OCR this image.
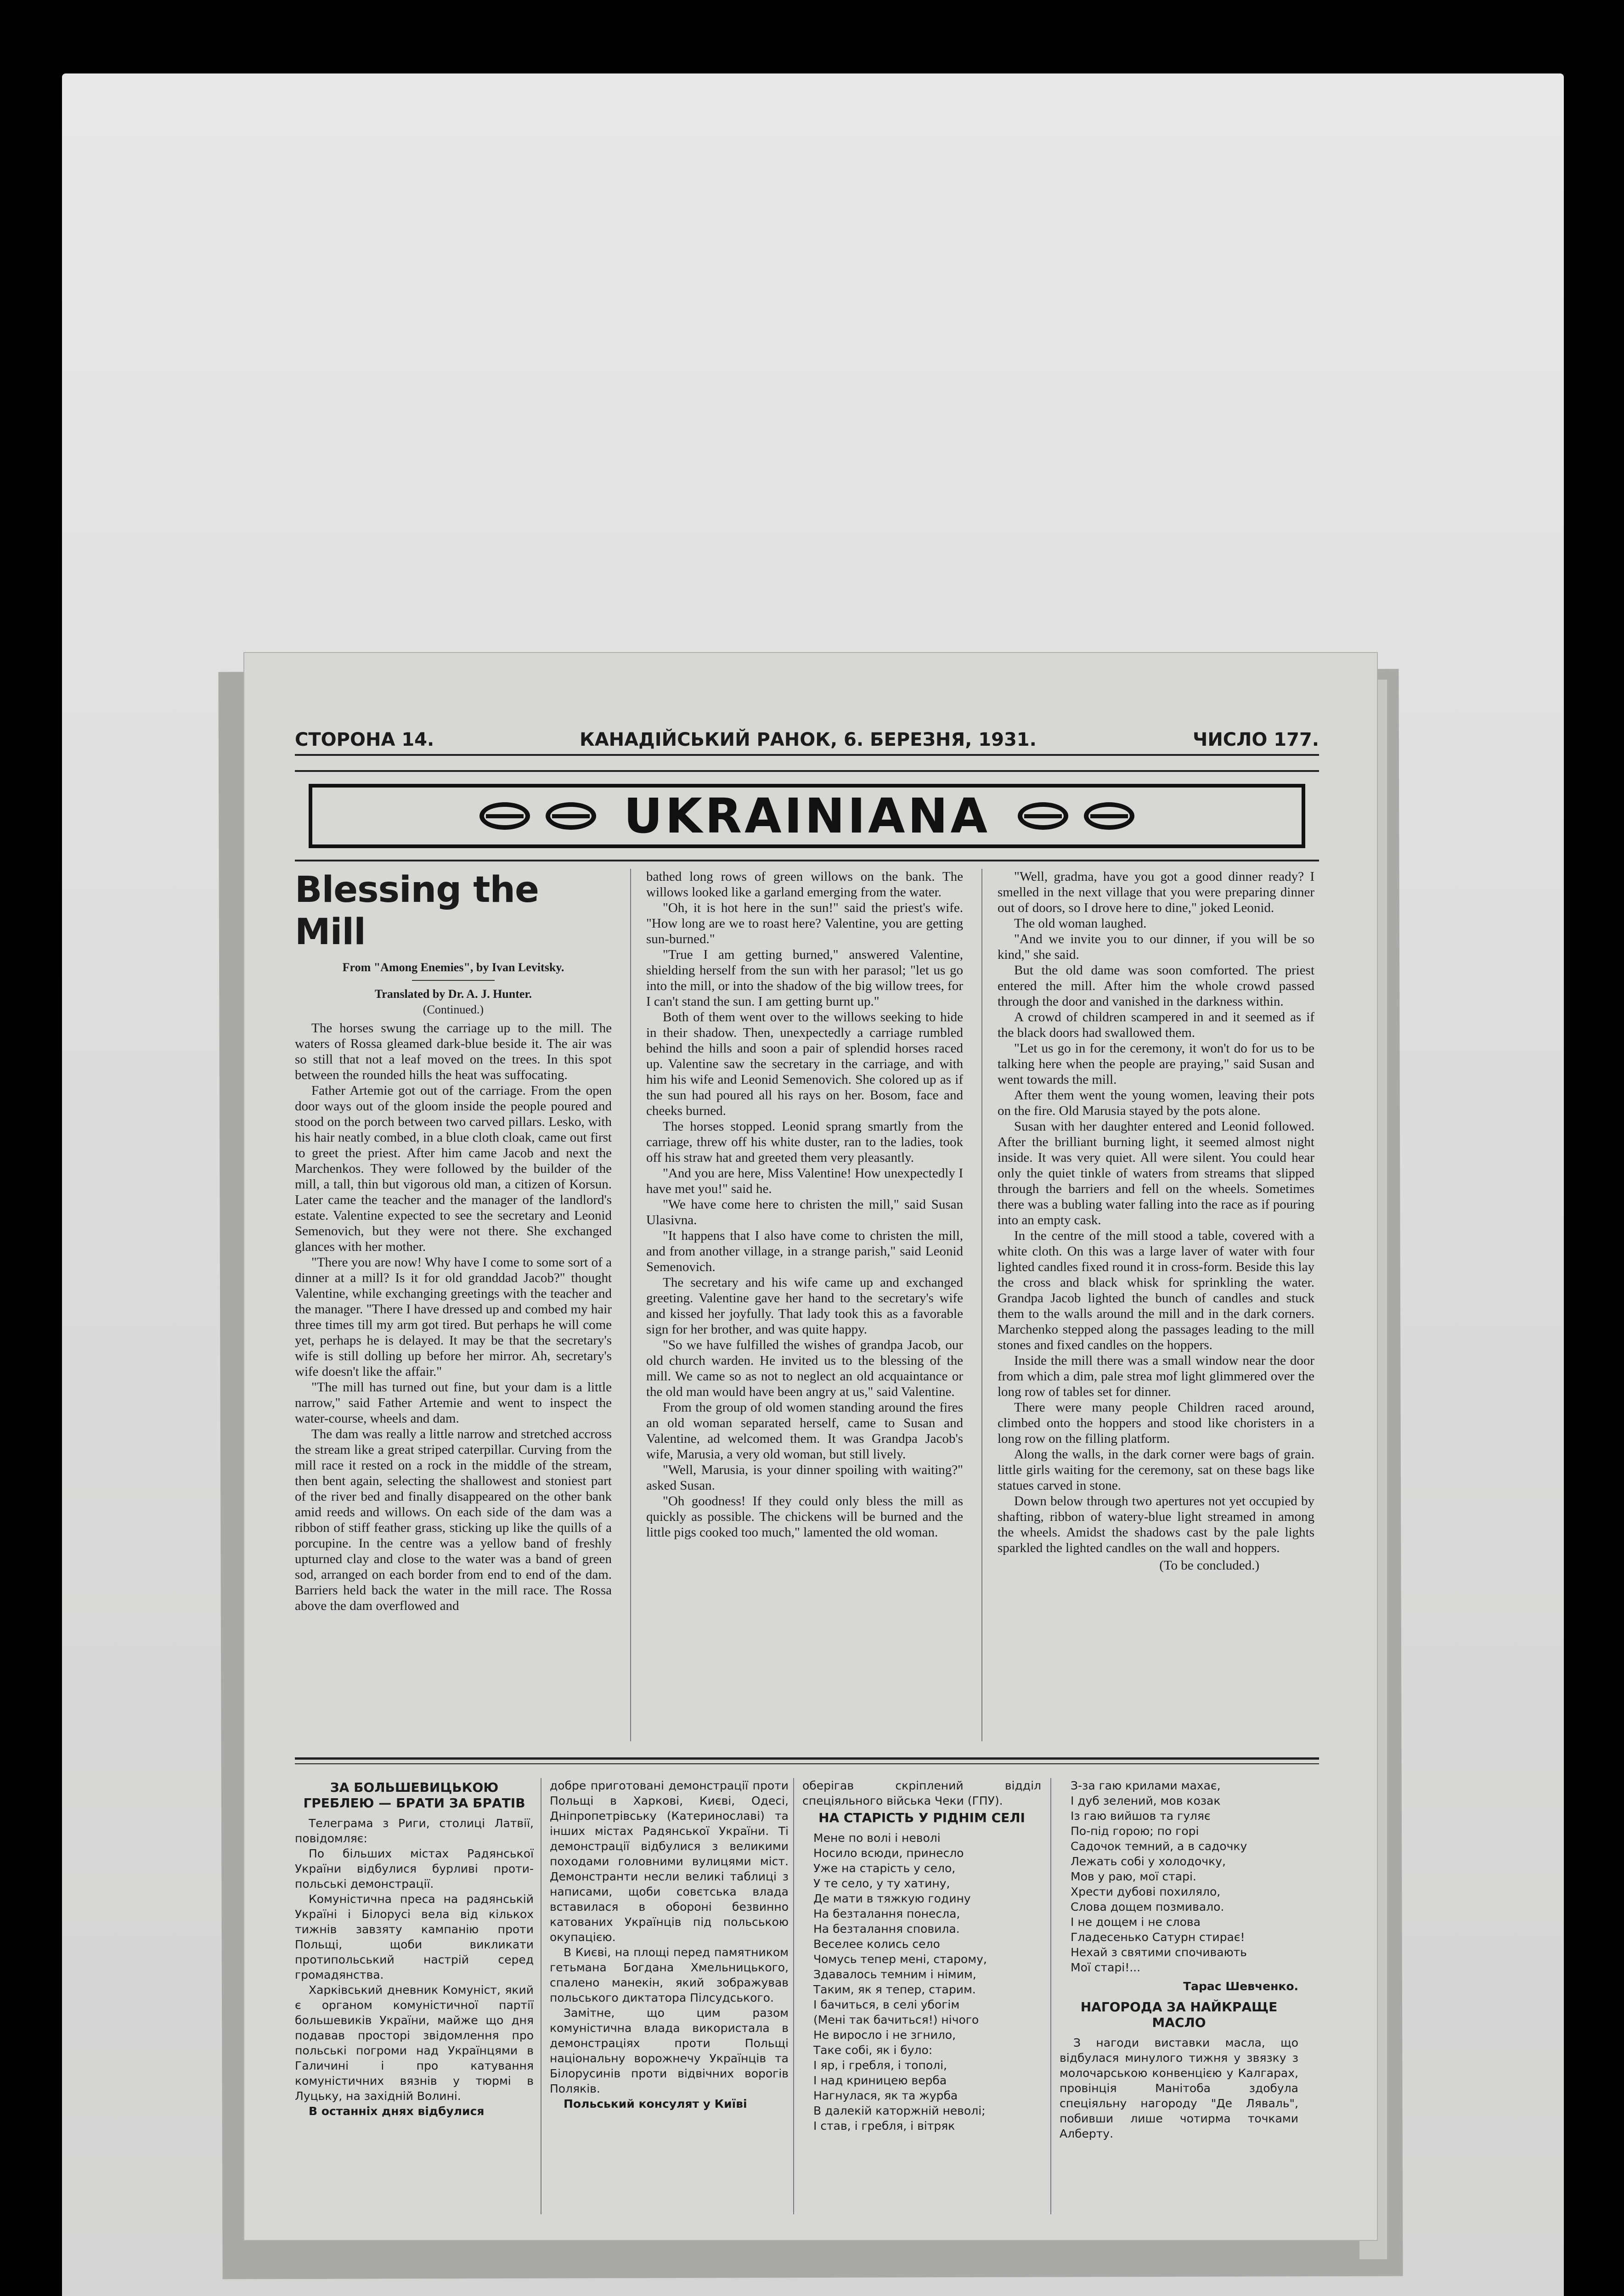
СТОРОНА 14.	КАНАДІЙСЬКИЙ РАНОК, 6. БЕРЕЗНЯ, 1931.	ЧИСЛО 177.
UKRAINIANA
Blessing the Mill
From "Among Enemies", by Ivan Levitsky.
Translated by Dr. A. J. Hunter.
(Continued.)

The horses swung the carriage up to the mill. The waters of Rossa gleamed dark-blue beside it. The air was so still that not a leaf moved on the trees. In this spot between the rounded hills the heat was suffocating.

Father Artemie got out of the carriage. From the open door ways out of the gloom inside the people poured and stood on the porch between two carved pillars. Lesko, with his hair neatly combed, in a blue cloth cloak, came out first to greet the priest. After him came Jacob and next the Marchenkos. They were followed by the builder of the mill, a tall, thin but vigorous old man, a citizen of Korsun. Later came the teacher and the manager of the landlord's estate. Valentine expected to see the secretary and Leonid Semenovich, but they were not there. She exchanged glances with her mother.

"There you are now! Why have I come to some sort of a dinner at a mill? Is it for old granddad Jacob?" thought Valentine, while exchanging greetings with the teacher and the manager. "There I have dressed up and combed my hair three times till my arm got tired. But perhaps he will come yet, perhaps he is delayed. It may be that the secretary's wife is still dolling up before her mirror. Ah, secretary's wife doesn't like the affair."

"The mill has turned out fine, but your dam is a little narrow," said Father Artemie and went to inspect the water-course, wheels and dam.

The dam was really a little narrow and stretched accross the stream like a great striped caterpillar. Curving from the mill race it rested on a rock in the middle of the stream, then bent again, selecting the shallowest and stoniest part of the river bed and finally disappeared on the other bank amid reeds and willows. On each side of the dam was a ribbon of stiff feather grass, sticking up like the quills of a porcupine. In the centre was a yellow band of freshly upturned clay and close to the water was a band of green sod, arranged on each border from end to end of the dam. Barriers held back the water in the mill race. The Rossa above the dam overflowed and

bathed long rows of green willows on the bank. The willows looked like a garland emerging from the water.

"Oh, it is hot here in the sun!" said the priest's wife. "How long are we to roast here? Valentine, you are getting sun-burned."

"True I am getting burned," answered Valentine, shielding herself from the sun with her parasol; "let us go into the mill, or into the shadow of the big willow trees, for I can't stand the sun. I am getting burnt up."

Both of them went over to the willows seeking to hide in their shadow. Then, unexpectedly a carriage rumbled behind the hills and soon a pair of splendid horses raced up. Valentine saw the secretary in the carriage, and with him his wife and Leonid Semenovich. She colored up as if the sun had poured all his rays on her. Bosom, face and cheeks burned.

The horses stopped. Leonid sprang smartly from the carriage, threw off his white duster, ran to the ladies, took off his straw hat and greeted them very pleasantly.

"And you are here, Miss Valentine! How unexpectedly I have met you!" said he.

"We have come here to christen the mill," said Susan Ulasivna.

"It happens that I also have come to christen the mill, and from another village, in a strange parish," said Leonid Semenovich.

The secretary and his wife came up and exchanged greeting. Valentine gave her hand to the secretary's wife and kissed her joyfully. That lady took this as a favorable sign for her brother, and was quite happy.

"So we have fulfilled the wishes of grandpa Jacob, our old church warden. He invited us to the blessing of the mill. We came so as not to neglect an old acquaintance or the old man would have been angry at us," said Valentine.

From the group of old women standing around the fires an old woman separated herself, came to Susan and Valentine, ad welcomed them. It was Grandpa Jacob's wife, Marusia, a very old woman, but still lively.

"Well, Marusia, is your dinner spoiling with waiting?" asked Susan.

"Oh goodness! If they could only bless the mill as quickly as possible. The chickens will be burned and the little pigs cooked too much," lamented the old woman.

"Well, gradma, have you got a good dinner ready? I smelled in the next village that you were preparing dinner out of doors, so I drove here to dine," joked Leonid.

The old woman laughed.

"And we invite you to our dinner, if you will be so kind," she said.

But the old dame was soon comforted. The priest entered the mill. After him the whole crowd passed through the door and vanished in the darkness within.

A crowd of children scampered in and it seemed as if the black doors had swallowed them.

"Let us go in for the ceremony, it won't do for us to be talking here when the people are praying," said Susan and went towards the mill.

After them went the young women, leaving their pots on the fire. Old Marusia stayed by the pots alone.

Susan with her daughter entered and Leonid followed. After the brilliant burning light, it seemed almost night inside. It was very quiet. All were silent. You could hear only the quiet tinkle of waters from streams that slipped through the barriers and fell on the wheels. Sometimes there was a bubling water falling into the race as if pouring into an empty cask.

In the centre of the mill stood a table, covered with a white cloth. On this was a large laver of water with four lighted candles fixed round it in cross-form. Beside this lay the cross and black whisk for sprinkling the water. Grandpa Jacob lighted the bunch of candles and stuck them to the walls around the mill and in the dark corners. Marchenko stepped along the passages leading to the mill stones and fixed candles on the hoppers.

Inside the mill there was a small window near the door from which a dim, pale strea mof light glimmered over the long row of tables set for dinner.

There were many people Children raced around, climbed onto the hoppers and stood like choristers in a long row on the filling platform.

Along the walls, in the dark corner were bags of grain. little girls waiting for the ceremony, sat on these bags like statues carved in stone.

Down below through two apertures not yet occupied by shafting, ribbon of watery-blue light streamed in among the wheels. Amidst the shadows cast by the pale lights sparkled the lighted candles on the wall and hoppers.

(To be concluded.)
ЗА БОЛЬШЕВИЦЬКОЮ ГРЕБЛЕЮ — БРАТИ ЗА БРАТІВ

Телеграма з Риги, столиці Латвії, повідомляє:

По більших містах Радянської України відбулися бурливі проти-польські демонстрації.

Комуністична преса на радянській Україні і Білорусі вела від кількох тижнів завзяту кампанію проти Польщі, щоби викликати протипольський настрій серед громадянства.

Харківський дневник Комуніст, який є органом комуністичної партії большевиків України, майже що дня подавав просторі звідомлення про польські погроми над Українцями в Галичині і про катування комуністичних вязнів у тюрмі в Луцьку, на західній Волині.

В останніх днях відбулися

добре приготовані демонстрації проти Польщі в Харкові, Києві, Одесі, Дніпропетрівську (Катеринославі) та інших містах Радянської України. Ті демонстрації відбулися з великими походами головними вулицями міст. Демонстранти несли великі таблиці з написами, щоби совєтська влада вставилася в обороні безвинно катованих Українців під польською окупацією.

В Києві, на площі перед памятником гетьмана Богдана Хмельницького, спалено манекін, який зображував польського диктатора Пілсудського.

Замітне, що цим разом комуністична влада використала в демонстраціях проти Польщі національну ворожнечу Українців та Білорусинів проти відвічних ворогів Поляків.

Польський консулят у Київі

оберігав скріплений відділ спеціяльного війська Чеки (ГПУ).

НА СТАРІСТЬ У РІДНІМ СЕЛІ
Мене по волі і неволі
Носило всюди, принесло
Уже на старість у село,
У те село, у ту хатину,
Де мати в тяжкую годину
На безталання понесла,
На безталання сповила.
Веселее колись село
Чомусь тепер мені, старому,
Здавалось темним і німим,
Таким, як я тепер, старим.
І бачиться, в селі убогім
(Мені так бачиться!) нічого
Не виросло і не згнило,
Таке собі, як і було:
І яр, і гребля, і тополі,
І над криницею верба
Нагнулася, як та журба
В далекій каторжній неволі;
І став, і гребля, і вітряк
З-за гаю крилами махає,
І дуб зелений, мов козак
Із гаю вийшов та гуляє
По-під горою; по горі
Садочок темний, а в садочку
Лежать собі у холодочку,
Мов у раю, мої старі.
Хрести дубові похиляло,
Слова дощем позмивало.
І не дощем і не слова
Гладесенько Сатурн стирає!
Нехай з святими спочивають
Мої старі!...
Тарас Шевченко.
НАГОРОДА ЗА НАЙКРАЩЕ МАСЛО

З нагоди виставки масла, що відбулася минулого тижня у звязку з молочарською конвенцією у Калгарах, провінція Манітоба здобула спеціяльну нагороду "Де Ляваль", побивши лише чотирма точками Алберту.
